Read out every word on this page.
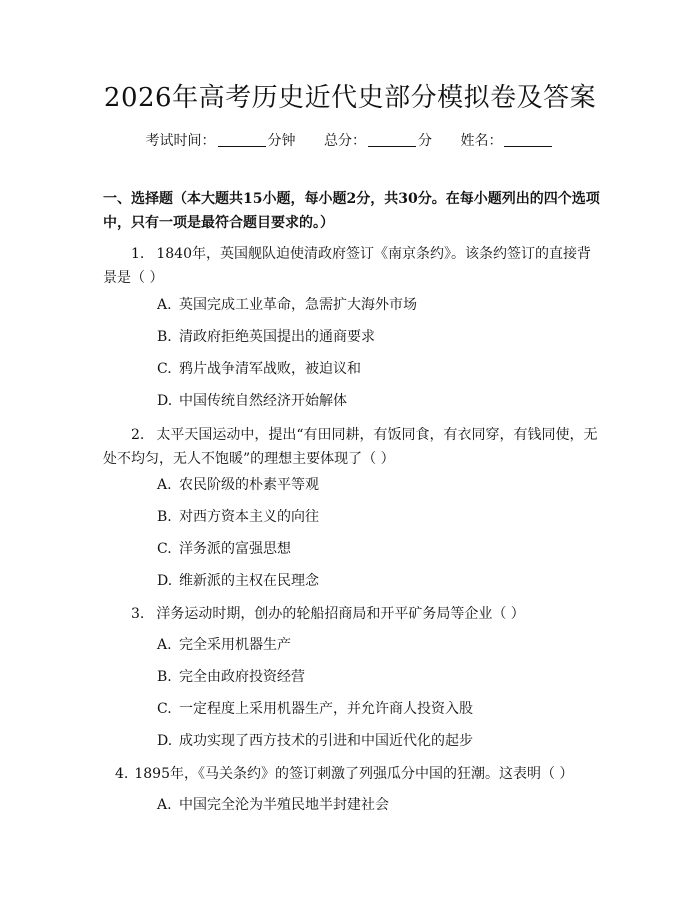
2026年高考历史近代史部分模拟卷及答案
考试时间：	分钟 总分：	分 姓名：
一、选择题（本大题共15小题，每小题2分，共30分。在每小题列出的四个选项中，只有一项是最符合题目要求的。）
1. 1840年，英国舰队迫使清政府签订《南京条约》。该条约签订的直接背景是（ ）
A. 英国完成工业革命，急需扩大海外市场
B. 清政府拒绝英国提出的通商要求
C. 鸦片战争清军战败，被迫议和
D. 中国传统自然经济开始解体
2. 太平天国运动中，提出“有田同耕，有饭同食，有衣同穿，有钱同使，无处不均匀，无人不饱暖”的理想主要体现了（ ）
A. 农民阶级的朴素平等观
B. 对西方资本主义的向往
C. 洋务派的富强思想
D. 维新派的主权在民理念
3. 洋务运动时期，创办的轮船招商局和开平矿务局等企业（ ）
A. 完全采用机器生产
B. 完全由政府投资经营
C. 一定程度上采用机器生产，并允许商人投资入股
D. 成功实现了西方技术的引进和中国近代化的起步
4. 1895年，《马关条约》的签订刺激了列强瓜分中国的狂潮。这表明（ ）
A. 中国完全沦为半殖民地半封建社会
